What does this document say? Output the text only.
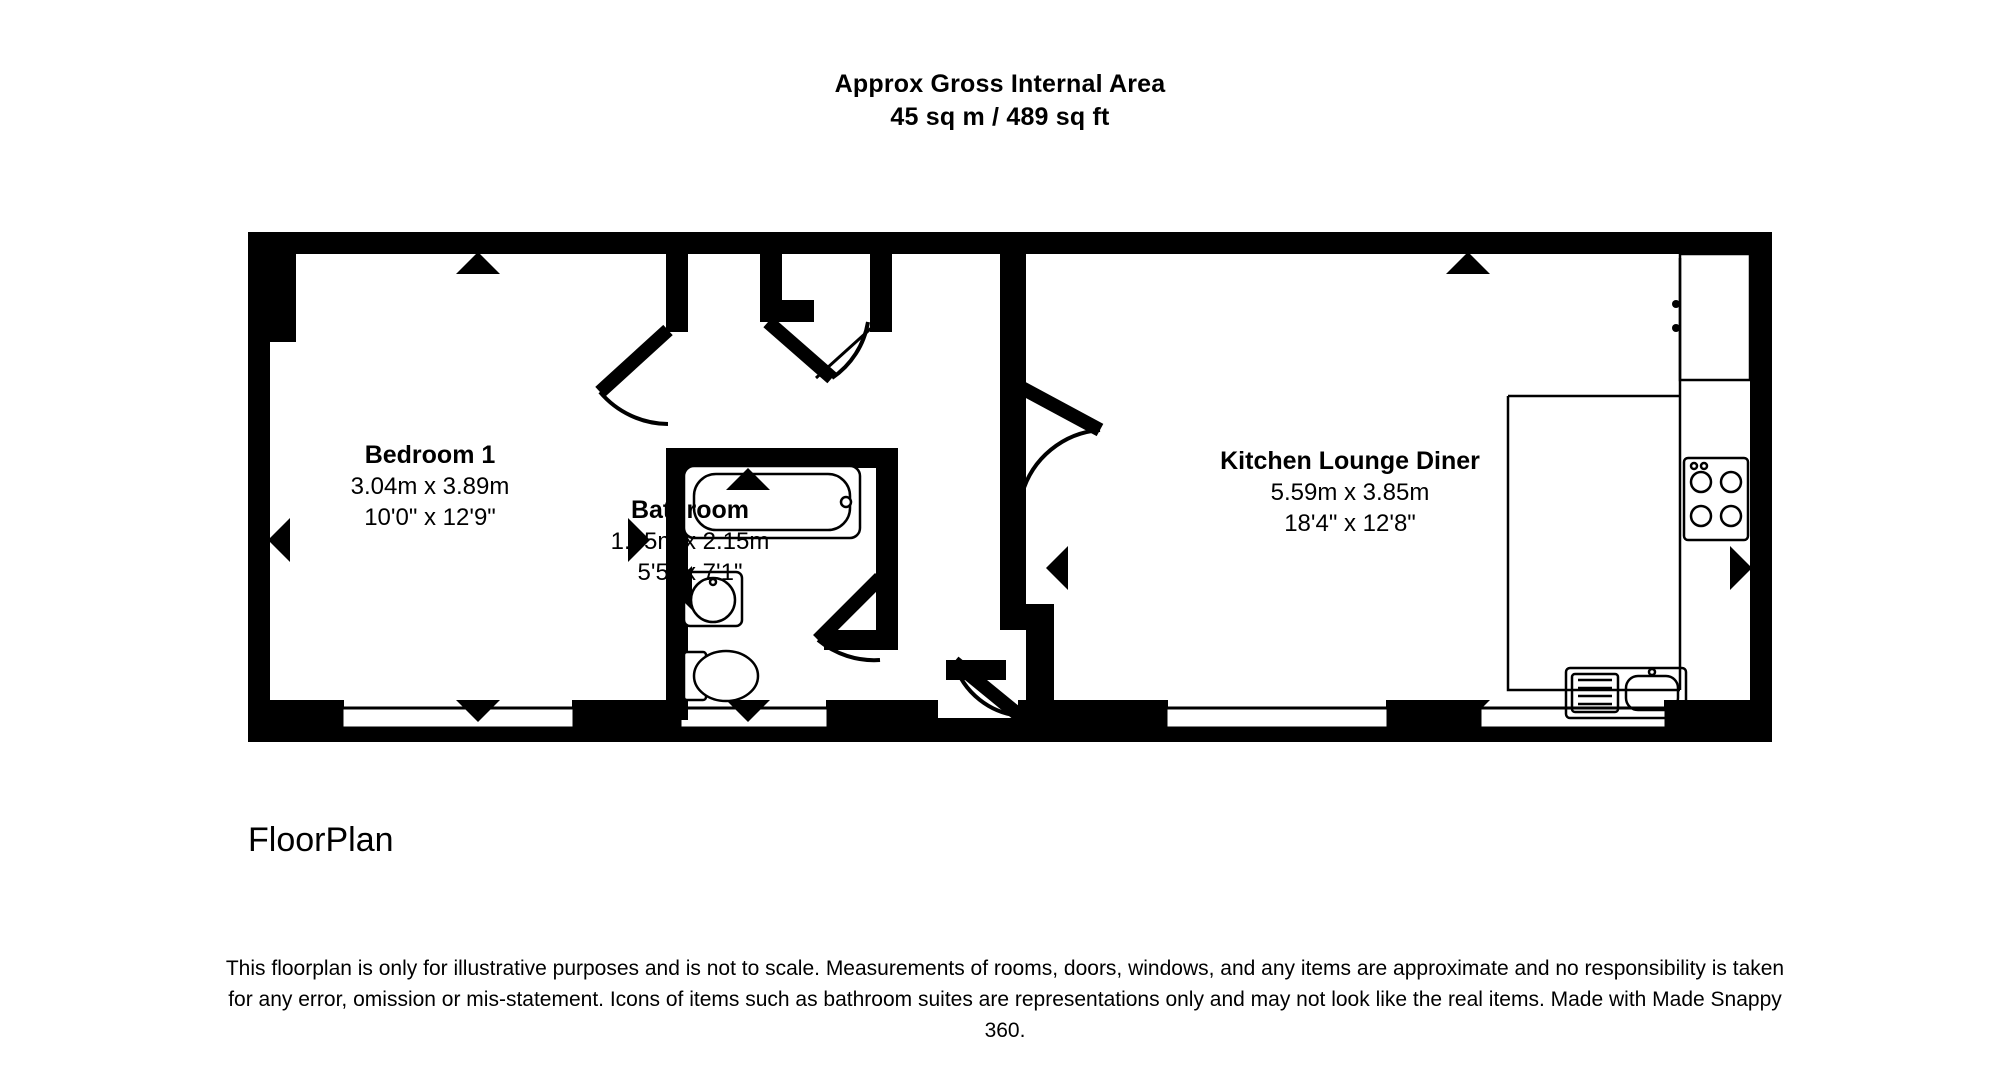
Approx Gross Internal Area
45 sq m / 489 sq ft
Bedroom 1
3.04m x 3.89m
10'0" x 12'9"	Bathroom
1.65m x 2.15m
5'5" x 7'1"
Kitchen Lounge Diner
5.59m x 3.85m
18'4" x 12'8"
FloorPlan
This floorplan is only for illustrative purposes and is not to scale. Measurements of rooms, doors, windows, and any items are approximate and no responsibility is taken for any error, omission or mis-statement. Icons of items such as bathroom suites are representations only and may not look like the real items. Made with Made Snappy 360.
